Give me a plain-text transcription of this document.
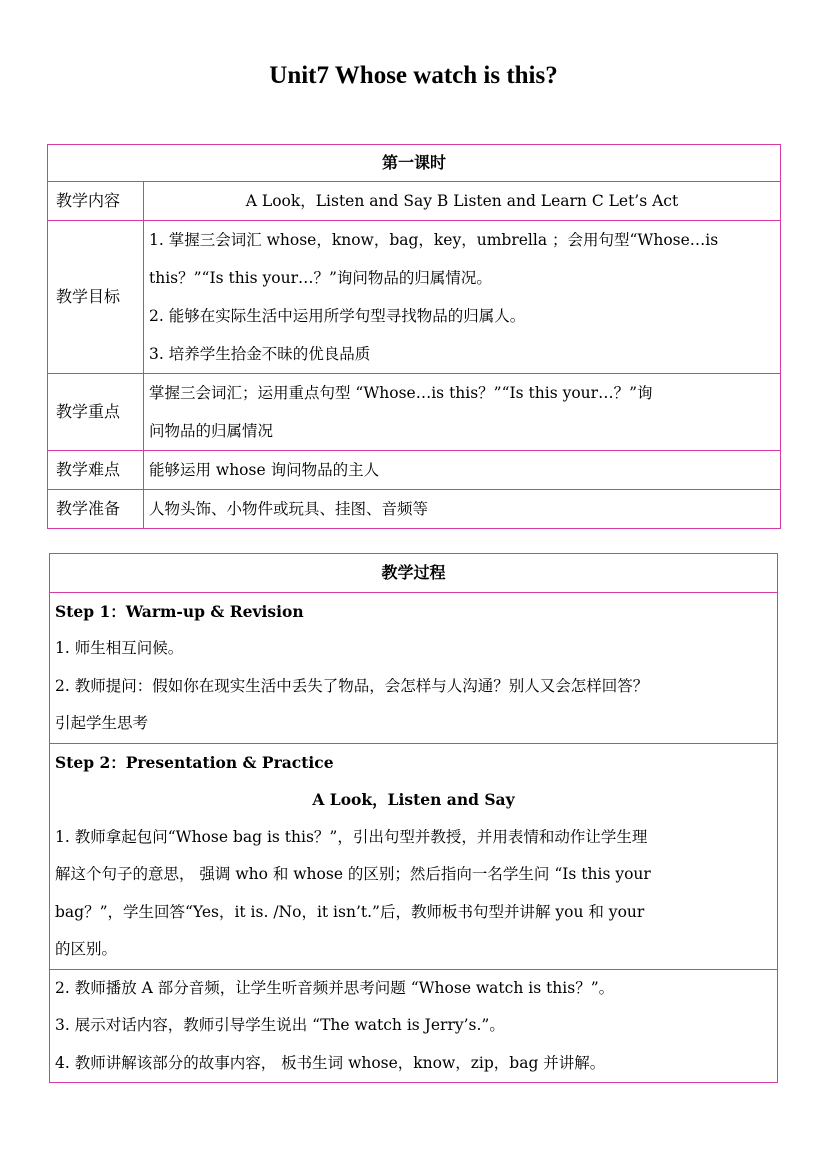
Unit7 Whose watch is this?
第一课时	
教学内容	A Look，Listen and Say B Listen and Learn C Let’s Act
教学目标	1. 掌握三会词汇 whose，know，bag，key，umbrella ；会用句型“Whose…is
this？”“Is this your…？”询问物品的归属情况。
2. 能够在实际生活中运用所学句型寻找物品的归属人。
3. 培养学生拾金不昧的优良品质

教学重点	掌握三会词汇；运用重点句型 “Whose…is this？”“Is this your…？”询
问物品的归属情况

教学难点	能够运用 whose 询问物品的主人
教学准备	人物头饰、小物件或玩具、挂图、音频等
教学过程

Step 1：Warm-up & Revision
1. 师生相互问候。
2. 教师提问：假如你在现实生活中丢失了物品，会怎样与人沟通？别人又会怎样回答？
引起学生思考

Step 2：Presentation & Practice
A Look，Listen and Say
1. 教师拿起包问“Whose bag is this？”，引出句型并教授，并用表情和动作让学生理
解这个句子的意思， 强调 who 和 whose 的区别；然后指向一名学生问 “Is this your
bag？”，学生回答“Yes，it is. /No，it isn’t.”后，教师板书句型并讲解 you 和 your
的区别。

2. 教师播放 A 部分音频，让学生听音频并思考问题 “Whose watch is this？”。
3. 展示对话内容，教师引导学生说出 “The watch is Jerry’s.”。
4. 教师讲解该部分的故事内容， 板书生词 whose，know，zip，bag 并讲解。
